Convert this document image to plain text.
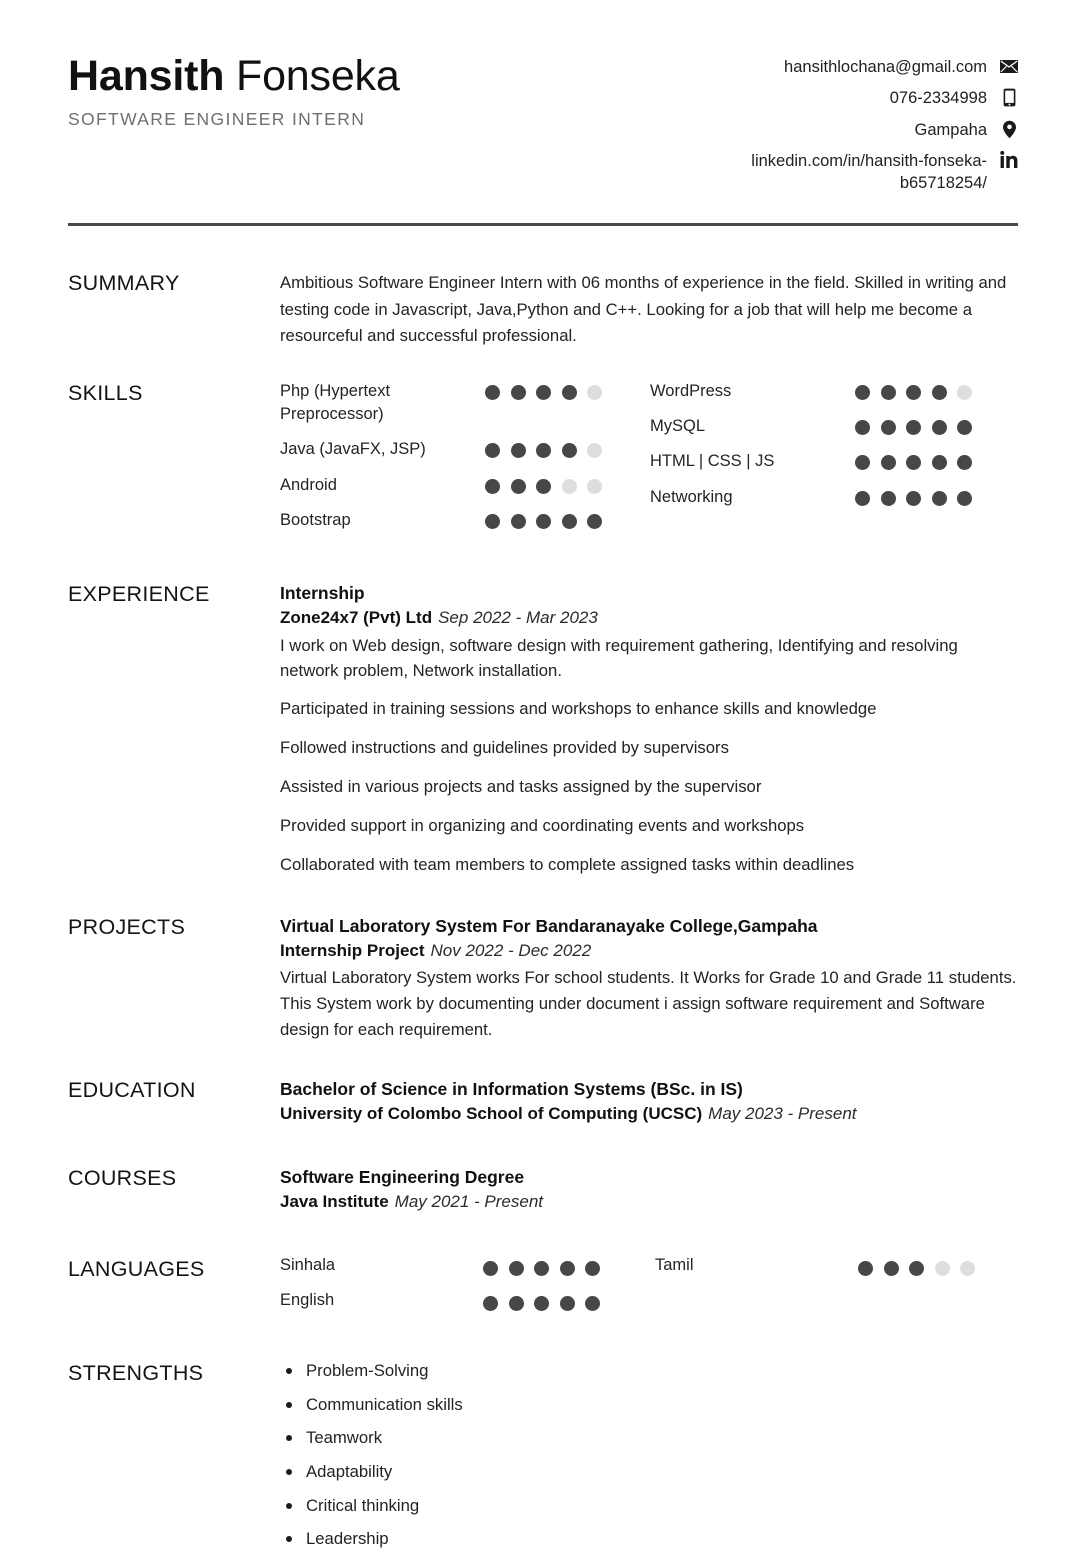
Hansith Fonseka
SOFTWARE ENGINEER INTERN
hansithlochana@gmail.com
076-2334998
Gampaha
linkedin.com/in/hansith-fonseka-b65718254/
SUMMARY	Ambitious Software Engineer Intern with 06 months of experience in the field. Skilled in writing and testing code in Javascript, Java,Python and C++. Looking for a job that will help me become a resourceful and successful professional.
SKILLS	Php (Hypertext Preprocessor)
Java (JavaFX, JSP)
Android
Bootstrap
WordPress
MySQL
HTML | CSS | JS
Networking
EXPERIENCE	Internship
Zone24x7 (Pvt) Ltd Sep 2022 - Mar 2023
I work on Web design, software design with requirement gathering, Identifying and resolving network problem, Network installation.
Participated in training sessions and workshops to enhance skills and knowledge
Followed instructions and guidelines provided by supervisors
Assisted in various projects and tasks assigned by the supervisor
Provided support in organizing and coordinating events and workshops
Collaborated with team members to complete assigned tasks within deadlines
PROJECTS	Virtual Laboratory System For Bandaranayake College,Gampaha
Internship Project Nov 2022 - Dec 2022
Virtual Laboratory System works For school students. It Works for Grade 10 and Grade 11 students. This System work by documenting under document i assign software requirement and Software design for each requirement.
EDUCATION	Bachelor of Science in Information Systems (BSc. in IS)
University of Colombo School of Computing (UCSC) May 2023 - Present
COURSES	Software Engineering Degree
Java Institute May 2021 - Present
LANGUAGES	Sinhala
English
Tamil
STRENGTHS	Problem-Solving
Communication skills
Teamwork
Adaptability
Critical thinking
Leadership
